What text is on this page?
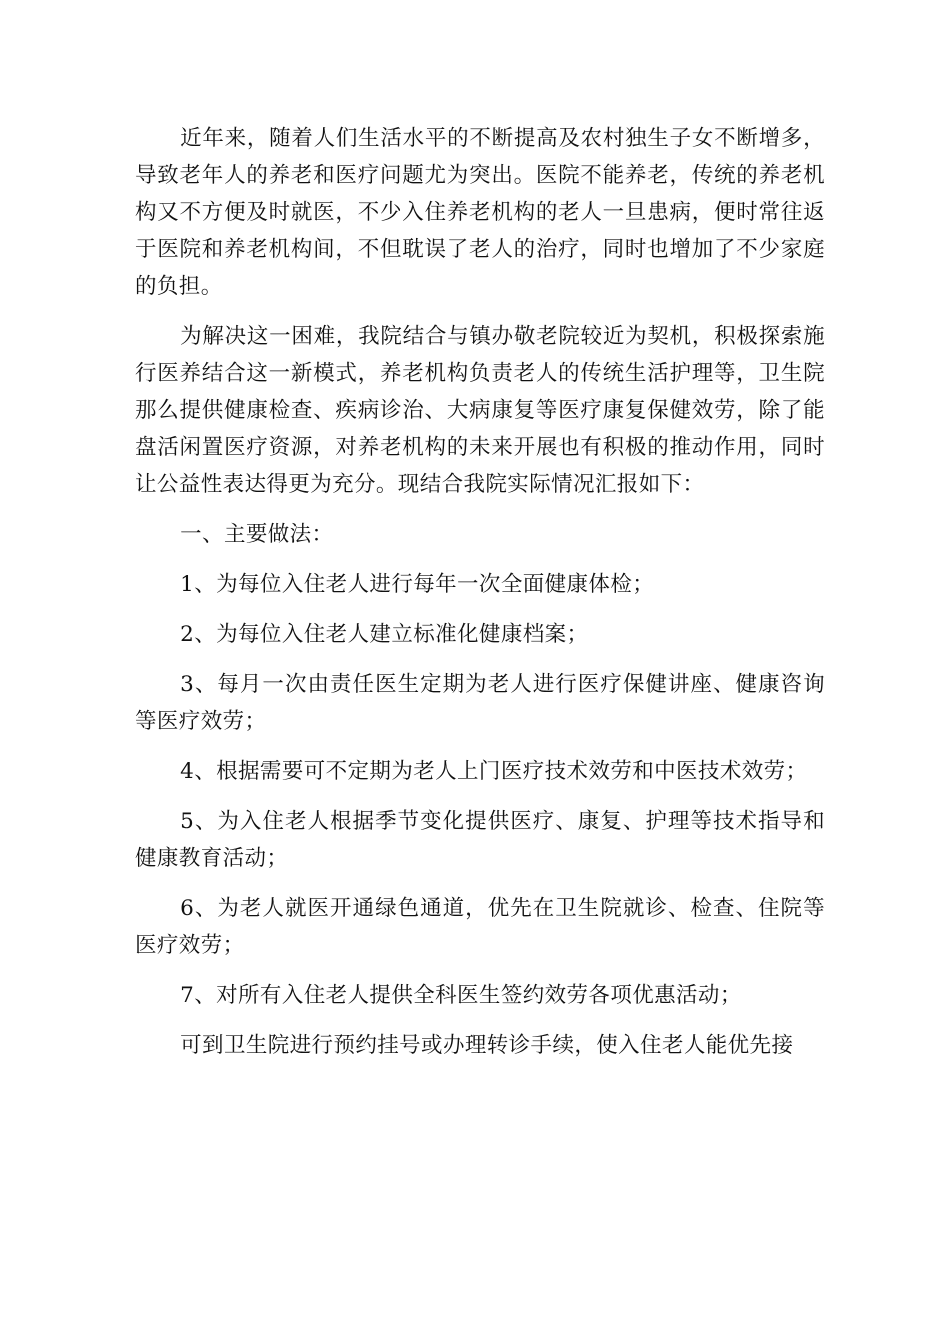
近年来，随着人们生活水平的不断提高及农村独生子女不断增多，导致老年人的养老和医疗问题尤为突出。医院不能养老，传统的养老机构又不方便及时就医，不少入住养老机构的老人一旦患病，便时常往返于医院和养老机构间，不但耽误了老人的治疗，同时也增加了不少家庭的负担。

为解决这一困难，我院结合与镇办敬老院较近为契机，积极探索施行医养结合这一新模式，养老机构负责老人的传统生活护理等，卫生院那么提供健康检查、疾病诊治、大病康复等医疗康复保健效劳，除了能盘活闲置医疗资源，对养老机构的未来开展也有积极的推动作用，同时让公益性表达得更为充分。现结合我院实际情况汇报如下：

一、主要做法：

1、为每位入住老人进行每年一次全面健康体检；

2、为每位入住老人建立标准化健康档案；

3、每月一次由责任医生定期为老人进行医疗保健讲座、健康咨询等医疗效劳；

4、根据需要可不定期为老人上门医疗技术效劳和中医技术效劳；

5、为入住老人根据季节变化提供医疗、康复、护理等技术指导和健康教育活动；

6、为老人就医开通绿色通道，优先在卫生院就诊、检查、住院等医疗效劳；

7、对所有入住老人提供全科医生签约效劳各项优惠活动；

可到卫生院进行预约挂号或办理转诊手续，使入住老人能优先接
